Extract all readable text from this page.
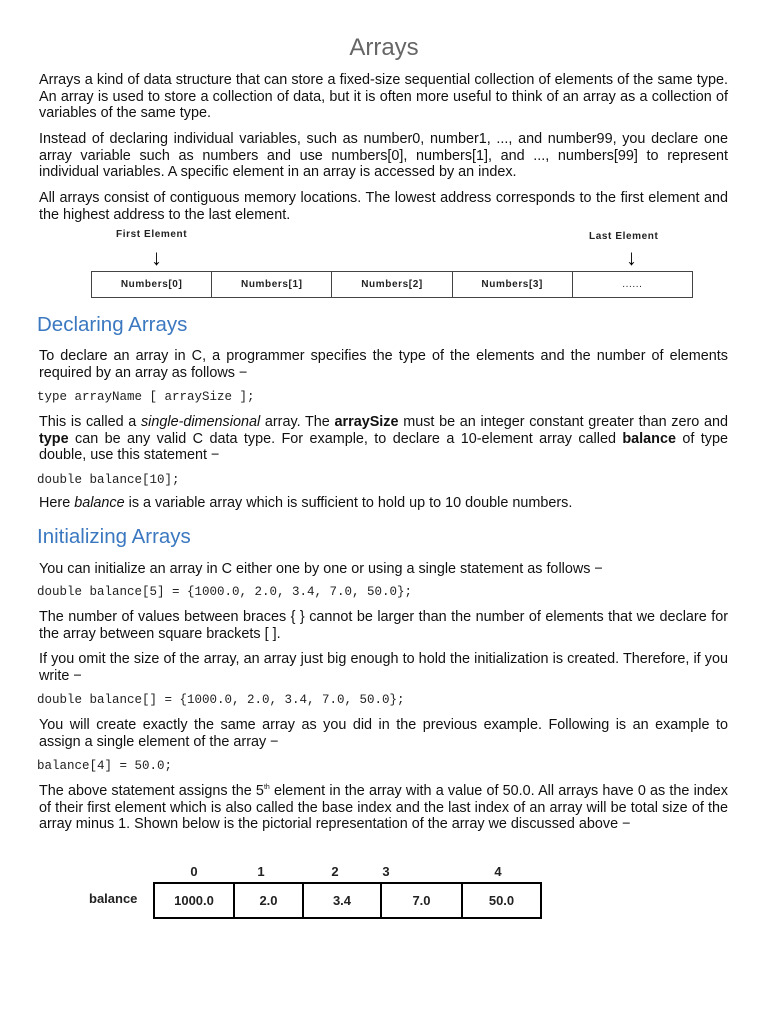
Arrays

Arrays a kind of data structure that can store a fixed-size sequential collection of elements of the same type. An array is used to store a collection of data, but it is often more useful to think of an array as a collection of variables of the same type.

Instead of declaring individual variables, such as number0, number1, ..., and number99, you declare one array variable such as numbers and use numbers[0], numbers[1], and ..., numbers[99] to represent individual variables. A specific element in an array is accessed by an index.

All arrays consist of contiguous memory locations. The lowest address corresponds to the first element and the highest address to the last element.

First Element
↓
Last Element
↓
Numbers[0]	Numbers[1]	Numbers[2]	Numbers[3]	......
Declaring Arrays

To declare an array in C, a programmer specifies the type of the elements and the number of elements required by an array as follows −

type arrayName [ arraySize ];

This is called a single-dimensional array. The arraySize must be an integer constant greater than zero and type can be any valid C data type. For example, to declare a 10-element array called balance of type double, use this statement −

double balance[10];

Here balance is a variable array which is sufficient to hold up to 10 double numbers.

Initializing Arrays

You can initialize an array in C either one by one or using a single statement as follows −

double balance[5] = {1000.0, 2.0, 3.4, 7.0, 50.0};

The number of values between braces { } cannot be larger than the number of elements that we declare for the array between square brackets [ ].

If you omit the size of the array, an array just big enough to hold the initialization is created. Therefore, if you write −

double balance[] = {1000.0, 2.0, 3.4, 7.0, 50.0};

You will create exactly the same array as you did in the previous example. Following is an example to assign a single element of the array −

balance[4] = 50.0;

The above statement assigns the 5th element in the array with a value of 50.0. All arrays have 0 as the index of their first element which is also called the base index and the last index of an array will be total size of the array minus 1. Shown below is the pictorial representation of the array we discussed above −

balance
0	1	2	3	4
1000.0	2.0	3.4	7.0	50.0
